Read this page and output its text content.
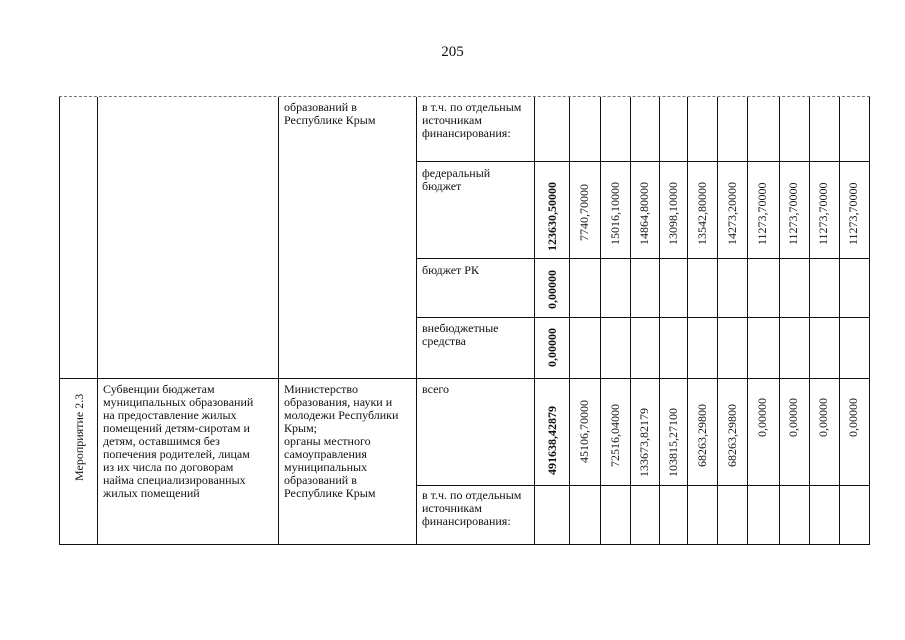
205
образований в
Республике Крым
в т.ч. по отдельным
источникам
финансирования:
федеральный
бюджет
бюджет РК
внебюджетные
средства
123630,50000 7740,70000 15016,10000 14864,80000 13098,10000 13542,80000 14273,20000 11273,70000 11273,70000 11273,70000 11273,70000
0,00000
0,00000
Мероприятие 2.3
Субвенции бюджетам
муниципальных образований
на предоставление жилых
помещений детям-сиротам и
детям, оставшимся без
попечения родителей, лицам
из их числа по договорам
найма специализированных
жилых помещений
Министерство
образования, науки и
молодежи Республики
Крым;
органы местного
самоуправления
муниципальных
образований в
Республике Крым
всего
в т.ч. по отдельным
источникам
финансирования:
491638,42879 45106,70000 72516,04000 133673,82179 103815,27100 68263,29800 68263,29800 0,00000 0,00000 0,00000 0,00000
